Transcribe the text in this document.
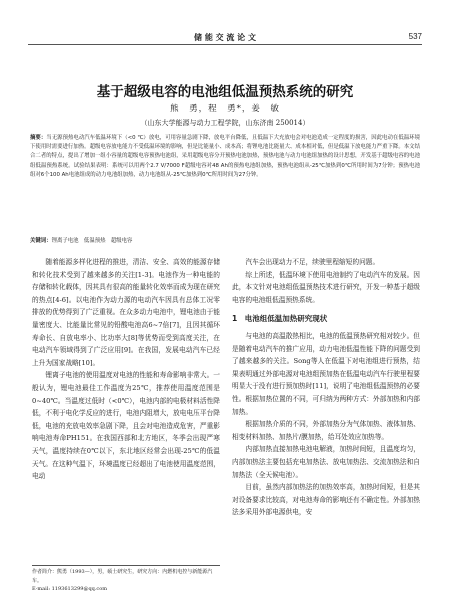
储 能 交 流 论 文	537
基于超级电容的电池组低温预热系统的研究
熊　勇，程　勇*，姜　敏
（山东大学能源与动力工程学院，山东济南 250014）
摘要：当无源预热电动汽车低温环境下（<0 ℃）放电，可用容量急剧下降，放电平台降低，且低温下大充放电会对电池造成一定程度的损害，因此电动在低温环境下使用时需要进行加热。超级电容放电能力不受低温环境的影响，但是比能量小、成本高；将锂电池比能量大、成本相对低，但是低温下放电能力严重下降。本文结合二者的特点，提出了增加一组小容量的超级电容预热电池组，采用超级电容分开预热电池加热，预热电池与动力电池组加热的设计思想，开发基于超级电容的电池组低温预热系统。试验结果表明：系统可以用两个2.7 V/7000 F超级电容对48 Ah的预热电池组加热，预热电池组从-25℃加热到0℃所用时间为7分钟；预热电池组对6个100 Ah电池组成的动力电池组加热，动力电池组从-25℃加热到0℃所用时间为27分钟。
关键词：锂离子电池　低温预热　超级电容

随着能源多样化进程的推进，清洁、安全、高效的能源存储和转化技术受到了越来越多的关注[1-3]。电池作为一种电能的存储和转化载体，因其具有很高的能量转化效率而成为现在研究的热点[4-6]。以电池作为动力源的电动汽车因具有总体工况零排放的优势得到了广泛重视。在众多动力电池中，锂电池由于能量密度大、比能量比常见的铅酸电池高6~7倍[7]，且因其循环寿命长、自放电率小、比功率大[8]等优势而受到高度关注，在电动汽车领域得到了广泛应用[9]。在我国，发展电动汽车已经上升为国家战略[10]。

锂离子电池的使用温度对电池的性能和寿命影响非常大。一般认为，锂电池最佳工作温度为25℃，推荐使用温度范围是0~40℃。当温度过低时（<0℃），电池内部的电极材料活性降低，不利于电化学反应的进行，电池内阻增大，放电电压平台降低，电池的充放电效率急剧下降，且会对电池造成危害，严重影响电池寿命PH151。在我国西部和北方地区，冬季会出现严寒天气，温度持续在0℃以下，东北地区经常会出现-25℃的低温天气。在这种气温下，环境温度已经超出了电池使用温度范围，电动

汽车会出现动力不足，续驶里程缩短的问题。

综上所述，低温环境下使用电池制约了电动汽车的发展。因此，本文针对电池组低温预热技术进行研究，开发一种基于超级电容的电池组低温预热系统。

1　电池组低温加热研究现状

与电池的高温散热相比，电池的低温预热研究相对较少。但是随着电动汽车的推广应用，动力电池低温性能下降的问题受到了越来越多的关注。Song等人在低温下对电池组进行预热，结果表明通过外部电源对电池组预加热在低温电动汽车行驶里程要明显大于没有进行预加热时[11]，说明了电池组低温预热的必要性。根据加热位置的不同，可归纳为两种方式：外部加热和内部加热。

根据加热介质的不同，外部加热分为气体加热、液体加热、相变材料加热、加热片/膜加热，给耳处效应加热等。

内部加热直接加热电池电解液，加热时间短，且温度均匀，内部加热法主要包括充电加热法、放电加热法、交流加热法和自加热法（全天候电池）。

目前，虽然内部加热法的加热效率高，加热时间短，但是其对设备要求比较高，对电池寿命的影响还有不确定性。外部加热法多采用外部电源供电，安

作者简介：熊勇（1993—），男，硕士研究生，研究方向：内燃机电控与新能源汽车。
E-mail: 1193613299@qq.com
